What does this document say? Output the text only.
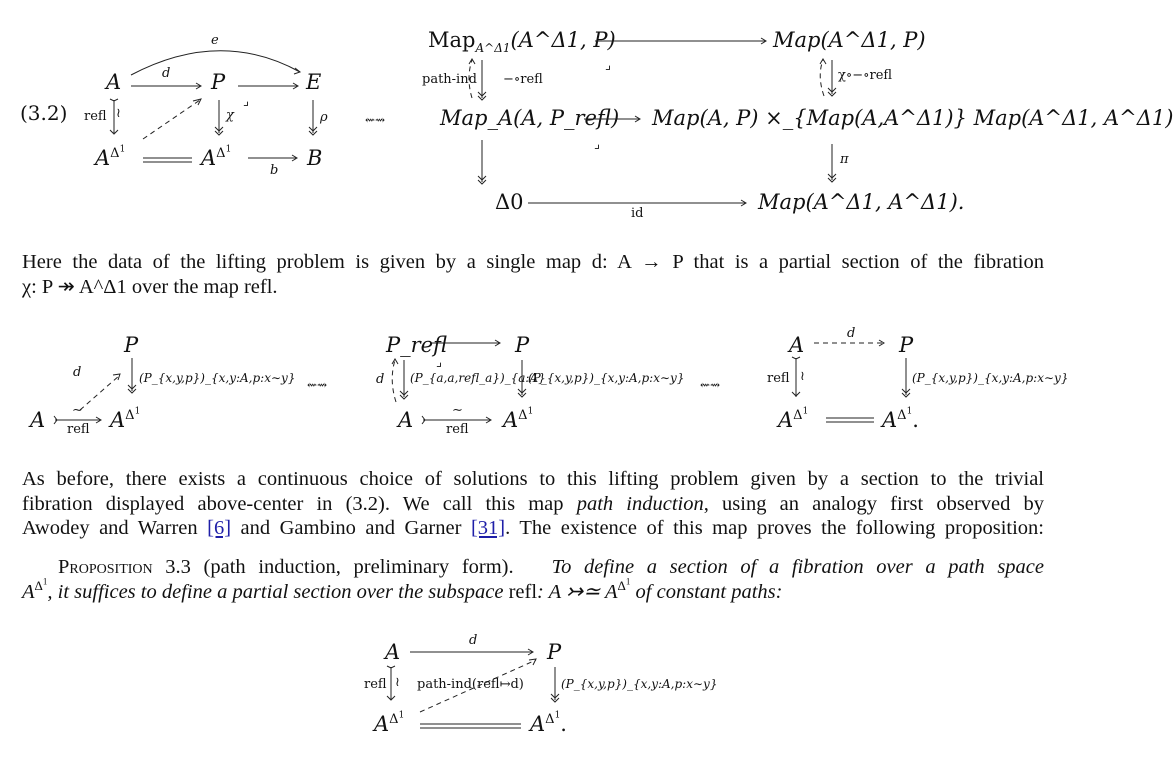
(3.2)
A	P	E
$A^{\Delta^1}$	$A^{\Delta^1}$	B
e
d
refl ≀	χ
⌟
ρ
b
⇜⇝
Map$_{A\^{}\Delta 1}$(A^Δ1, P)	Map(A^Δ1, P)
Map_A(A, P_refl) Map(A, P) ×_{Map(A,A^Δ1)} Map(A^Δ1, A^Δ1)
Δ0	Map(A^Δ1, A^Δ1).
path-ind −∘refl	χ∘−∘refl
π
id
⌟
⌟
Here the data of the lifting problem is given by a single map d: A → P that is a partial section of the fibration
χ: P ↠ A^Δ1 over the map refl.
P
d	(P_{x,y,p})_{x,y:A,p:x∼y}
A ∼
refl $A^{\Delta^1}$
⇜⇝
P_refl	P
d (P_{a,a,refl_a})_{a:A}
⌟
(P_{x,y,p})_{x,y:A,p:x∼y}
A	∼
refl $A^{\Delta^1}$
⇜⇝
A	d P
refl ≀	(P_{x,y,p})_{x,y:A,p:x∼y}
$A^{\Delta^1}$	$A^{\Delta^1}$.
As before, there exists a continuous choice of solutions to this lifting problem given by a section to the trivial
fibration displayed above-center in (3.2). We call this map path induction, using an analogy first observed by
Awodey and Warren [6] and Gambino and Garner [31]. The existence of this map proves the following proposition:
Proposition 3.3 (path induction, preliminary form). To define a section of a fibration over a path space
$A^{\Delta^1}$, it suffices to define a partial section over the subspace refl: A ↣≃ $A^{\Delta^1}$ of constant paths:
A	d	P
refl ≀ path-ind(refl↦d)	(P_{x,y,p})_{x,y:A,p:x∼y}
$A^{\Delta^1}$	$A^{\Delta^1}$.
